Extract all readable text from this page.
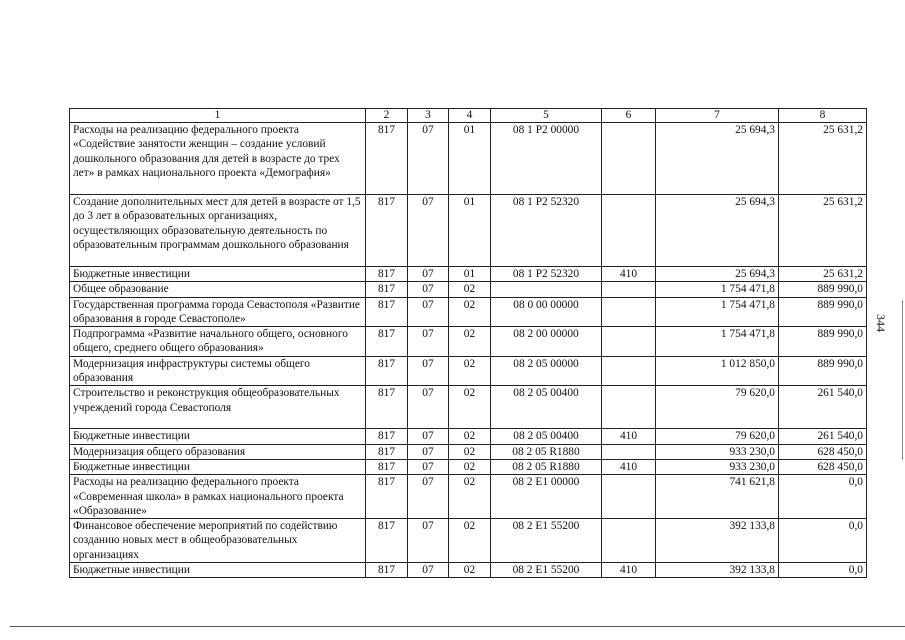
344
1	2	3	4	5	6	7	8
Расходы на реализацию федерального проекта «Содействие занятости женщин – создание условий дошкольного образования для детей в возрасте до трех лет» в рамках национального проекта «Демография»	817	07	01	08 1 Р2 00000		25 694,3	25 631,2
Создание дополнительных мест для детей в возрасте от 1,5 до 3 лет в образовательных организациях, осуществляющих образовательную деятельность по образовательным программам дошкольного образования	817	07	01	08 1 Р2 52320		25 694,3	25 631,2
Бюджетные инвестиции	817	07	01	08 1 Р2 52320	410	25 694,3	25 631,2
Общее образование	817	07	02			1 754 471,8	889 990,0
Государственная программа города Севастополя «Развитие образования в городе Севастополе»	817	07	02	08 0 00 00000		1 754 471,8	889 990,0
Подпрограмма «Развитие начального общего, основного общего, среднего общего образования»	817	07	02	08 2 00 00000		1 754 471,8	889 990,0
Модернизация инфраструктуры системы общего образования	817	07	02	08 2 05 00000		1 012 850,0	889 990,0
Строительство и реконструкция общеобразовательных учреждений города Севастополя	817	07	02	08 2 05 00400		79 620,0	261 540,0
Бюджетные инвестиции	817	07	02	08 2 05 00400	410	79 620,0	261 540,0
Модернизация общего образования	817	07	02	08 2 05 R1880		933 230,0	628 450,0
Бюджетные инвестиции	817	07	02	08 2 05 R1880	410	933 230,0	628 450,0
Расходы на реализацию федерального проекта «Современная школа» в рамках национального проекта «Образование»	817	07	02	08 2 E1 00000		741 621,8	0,0
Финансовое обеспечение мероприятий по содействию созданию новых мест в общеобразовательных организациях	817	07	02	08 2 E1 55200		392 133,8	0,0
Бюджетные инвестиции	817	07	02	08 2 E1 55200	410	392 133,8	0,0
